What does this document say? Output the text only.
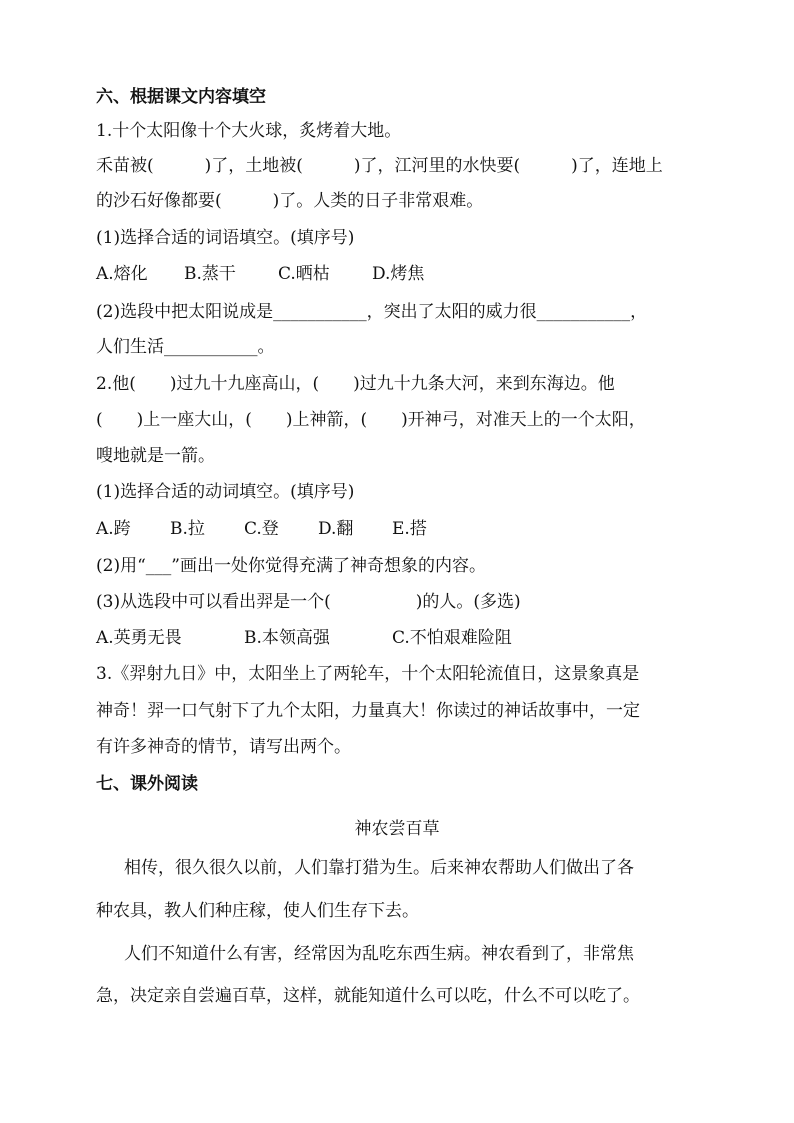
六、根据课文内容填空
1.十个太阳像十个大火球，炙烤着大地。
禾苗被(　　　)了，土地被(　　　)了，江河里的水快要(　　　)了，连地上
的沙石好像都要(　　　)了。人类的日子非常艰难。
(1)选择合适的词语填空。(填序号)
A.熔化 B.蒸干 C.晒枯 D.烤焦
(2)选段中把太阳说成是___________，突出了太阳的威力很___________，
人们生活___________。
2.他(　　)过九十九座高山，(　　)过九十九条大河，来到东海边。他
(　　)上一座大山，(　　)上神箭，(　　)开神弓，对准天上的一个太阳，
嗖地就是一箭。
(1)选择合适的动词填空。(填序号)
A.跨 B.拉 C.登 D.翻 E.搭
(2)用“___”画出一处你觉得充满了神奇想象的内容。
(3)从选段中可以看出羿是一个(　　　　　)的人。(多选)
A.英勇无畏	B.本领高强	C.不怕艰难险阻
3.《羿射九日》中，太阳坐上了两轮车，十个太阳轮流值日，这景象真是
神奇！羿一口气射下了九个太阳，力量真大！你读过的神话故事中，一定
有许多神奇的情节，请写出两个。
七、课外阅读
神农尝百草
相传，很久很久以前，人们靠打猎为生。后来神农帮助人们做出了各
种农具，教人们种庄稼，使人们生存下去。
人们不知道什么有害，经常因为乱吃东西生病。神农看到了，非常焦
急，决定亲自尝遍百草，这样，就能知道什么可以吃，什么不可以吃了。
